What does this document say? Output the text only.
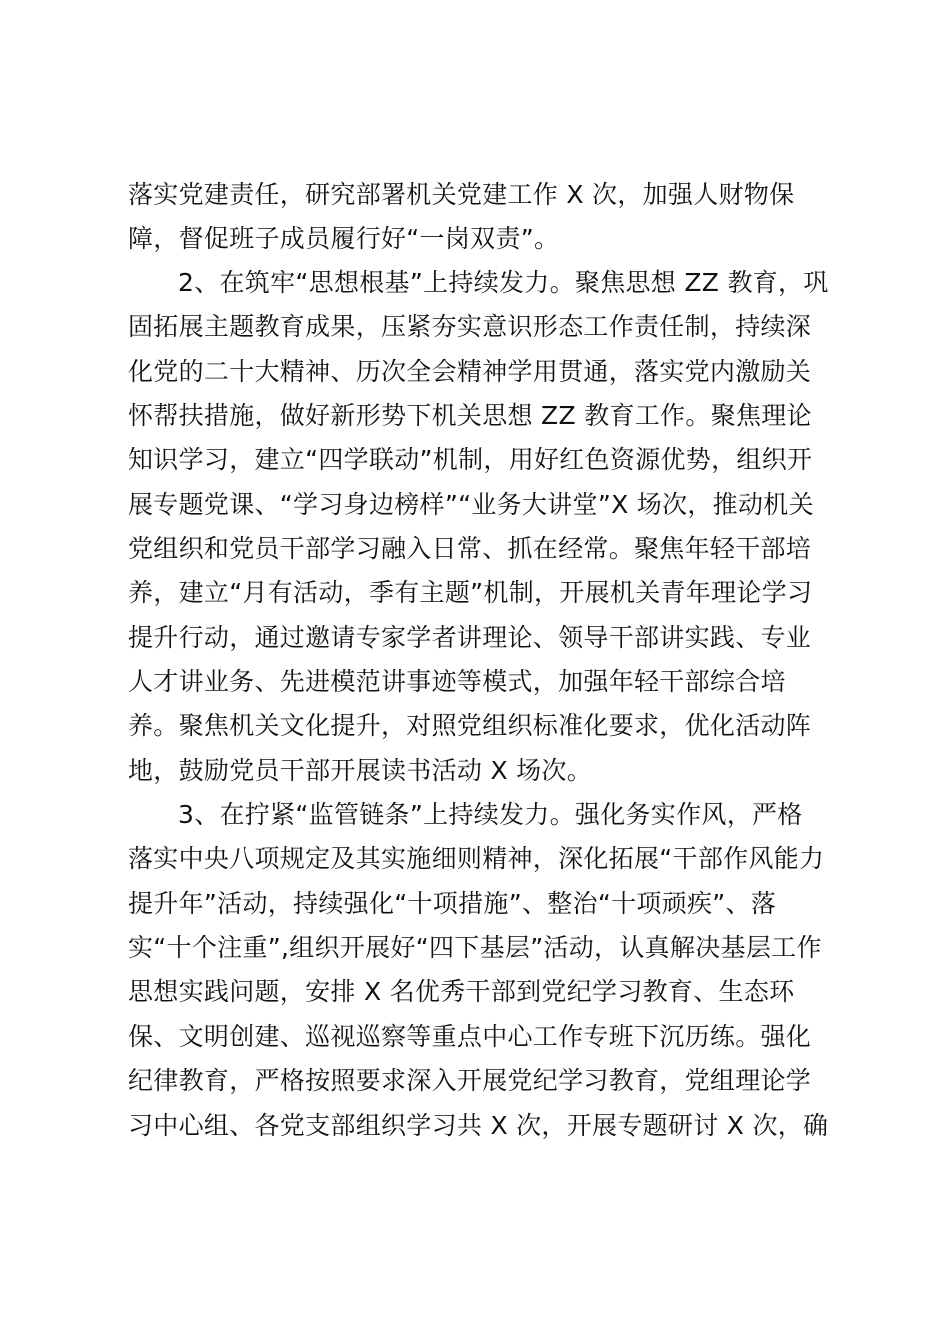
落实党建责任，研究部署机关党建工作 X 次，加强人财物保
障，督促班子成员履行好“一岗双责”。
2、在筑牢“思想根基”上持续发力。聚焦思想 ZZ 教育，巩
固拓展主题教育成果，压紧夯实意识形态工作责任制，持续深
化党的二十大精神、历次全会精神学用贯通，落实党内激励关
怀帮扶措施，做好新形势下机关思想 ZZ 教育工作。聚焦理论
知识学习，建立“四学联动”机制，用好红色资源优势，组织开
展专题党课、“学习身边榜样”“业务大讲堂”X 场次，推动机关
党组织和党员干部学习融入日常、抓在经常。聚焦年轻干部培
养，建立“月有活动，季有主题”机制，开展机关青年理论学习
提升行动，通过邀请专家学者讲理论、领导干部讲实践、专业
人才讲业务、先进模范讲事迹等模式，加强年轻干部综合培
养。聚焦机关文化提升，对照党组织标准化要求，优化活动阵
地，鼓励党员干部开展读书活动 X 场次。
3、在拧紧“监管链条”上持续发力。强化务实作风，严格
落实中央八项规定及其实施细则精神，深化拓展“干部作风能力
提升年”活动，持续强化“十项措施”、整治“十项顽疾”、落
实“十个注重”,组织开展好“四下基层”活动，认真解决基层工作
思想实践问题，安排 X 名优秀干部到党纪学习教育、生态环
保、文明创建、巡视巡察等重点中心工作专班下沉历练。强化
纪律教育，严格按照要求深入开展党纪学习教育，党组理论学
习中心组、各党支部组织学习共 X 次，开展专题研讨 X 次，确
